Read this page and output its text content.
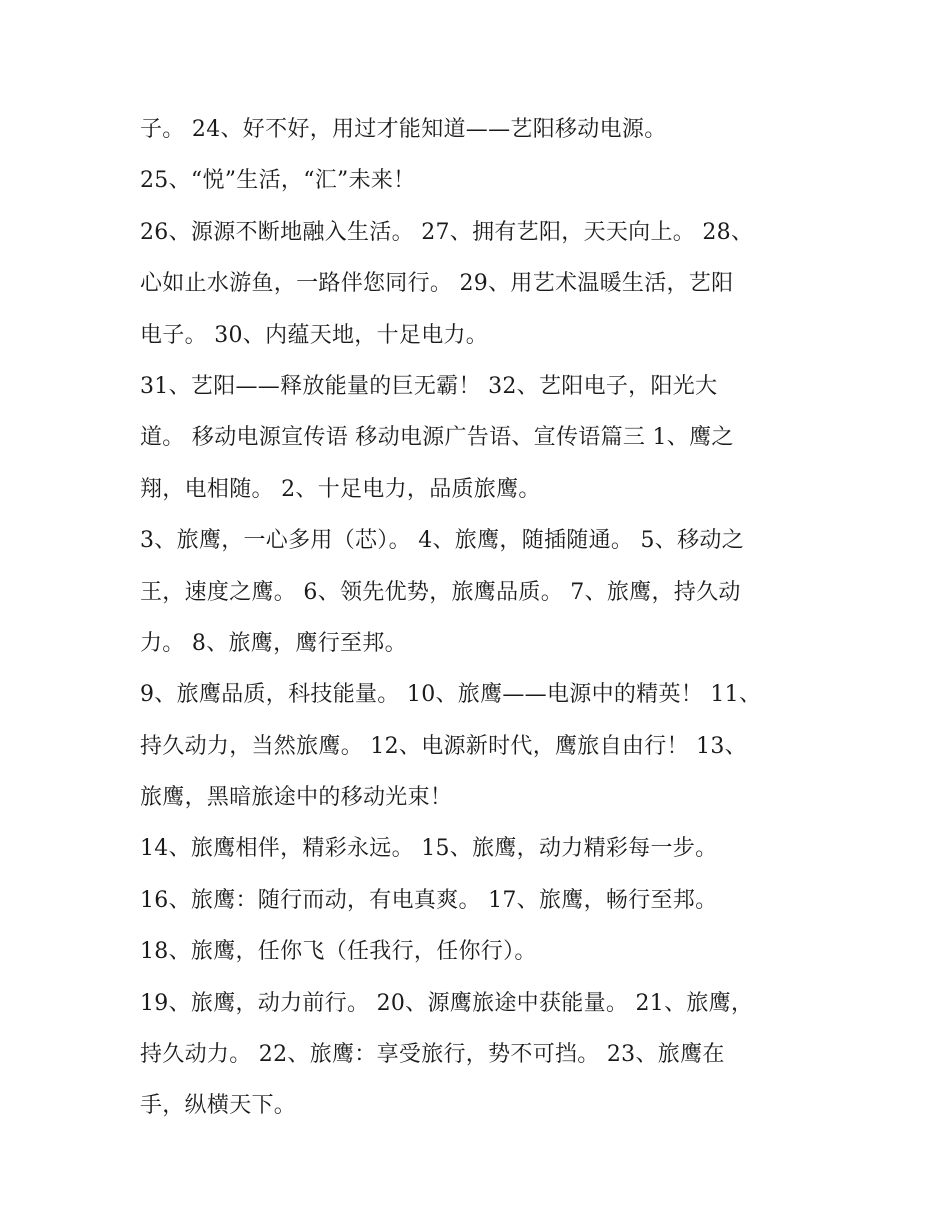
子。 24、好不好，用过才能知道——艺阳移动电源。
25、“悦”生活，“汇”未来！
26、源源不断地融入生活。 27、拥有艺阳，天天向上。 28、
心如止水游鱼，一路伴您同行。 29、用艺术温暖生活，艺阳
电子。 30、内蕴天地，十足电力。
31、艺阳——释放能量的巨无霸！ 32、艺阳电子，阳光大
道。 移动电源宣传语 移动电源广告语、宣传语篇三 1、鹰之
翔，电相随。 2、十足电力，品质旅鹰。
3、旅鹰，一心多用（芯）。 4、旅鹰，随插随通。 5、移动之
王，速度之鹰。 6、领先优势，旅鹰品质。 7、旅鹰，持久动
力。 8、旅鹰，鹰行至邦。
9、旅鹰品质，科技能量。 10、旅鹰——电源中的精英！ 11、
持久动力，当然旅鹰。 12、电源新时代，鹰旅自由行！ 13、
旅鹰，黑暗旅途中的移动光束！
14、旅鹰相伴，精彩永远。 15、旅鹰，动力精彩每一步。
16、旅鹰：随行而动，有电真爽。 17、旅鹰，畅行至邦。
18、旅鹰，任你飞（任我行，任你行）。
19、旅鹰，动力前行。 20、源鹰旅途中获能量。 21、旅鹰，
持久动力。 22、旅鹰：享受旅行，势不可挡。 23、旅鹰在
手，纵横天下。
